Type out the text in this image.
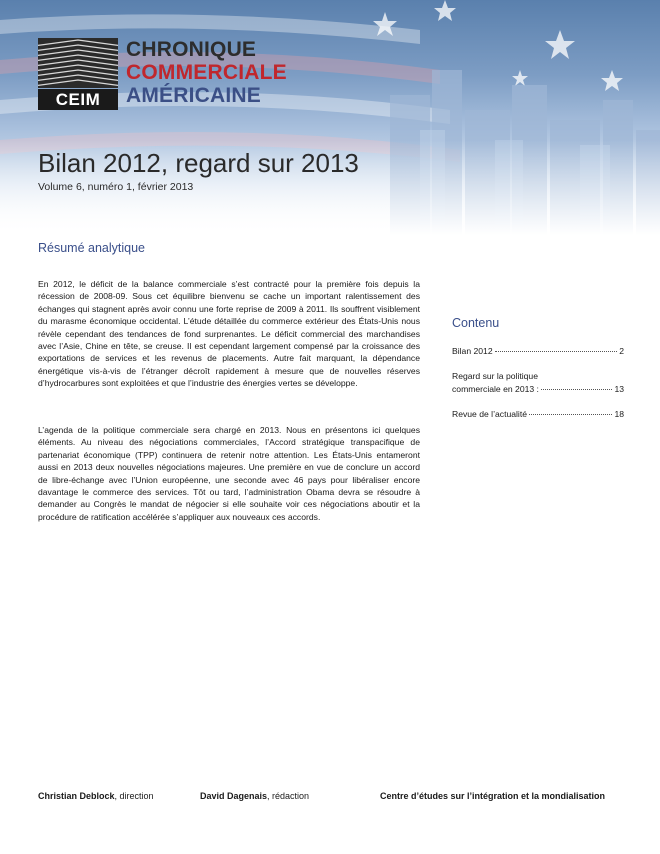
CEIM
CHRONIQUE
COMMERCIALE
AMÉRICAINE
Bilan 2012, regard sur 2013
Volume 6, numéro 1, février 2013
Résumé analytique

En 2012, le déficit de la balance commerciale s’est contracté pour la première fois depuis la récession de 2008-09. Sous cet équilibre bienvenu se cache un important ralentissement des échanges qui stagnent après avoir connu une forte reprise de 2009 à 2011. Ils souffrent visiblement du marasme économique occidental. L’étude détaillée du commerce extérieur des États-Unis nous révèle cependant des tendances de fond surprenantes. Le déficit commercial des marchandises avec l’Asie, Chine en tête, se creuse. Il est cependant largement compensé par la croissance des exportations de services et les revenus de placements. Autre fait marquant, la dépendance énergétique vis-à-vis de l’étranger décroît rapidement à mesure que de nouvelles réserves d’hydrocarbures sont exploitées et que l’industrie des énergies vertes se développe.

L’agenda de la politique commerciale sera chargé en 2013. Nous en présentons ici quelques éléments. Au niveau des négociations commerciales, l’Accord stratégique transpacifique de partenariat économique (TPP) continuera de retenir notre attention. Les États-Unis entameront aussi en 2013 deux nouvelles négociations majeures. Une première en vue de conclure un accord de libre-échange avec l’Union européenne, une seconde avec 46 pays pour libéraliser encore davantage le commerce des services. Tôt ou tard, l’administration Obama devra se résoudre à demander au Congrès le mandat de négocier si elle souhaite voir ces négociations aboutir et la procédure de ratification accélérée s’appliquer aux nouveaux ces accords.

Contenu
Bilan 2012	2
Regard sur la politique
commerciale en 2013 :	13
Revue de l’actualité	18
Christian Deblock, direction	David Dagenais, rédaction	Centre d’études sur l’intégration et la mondialisation
